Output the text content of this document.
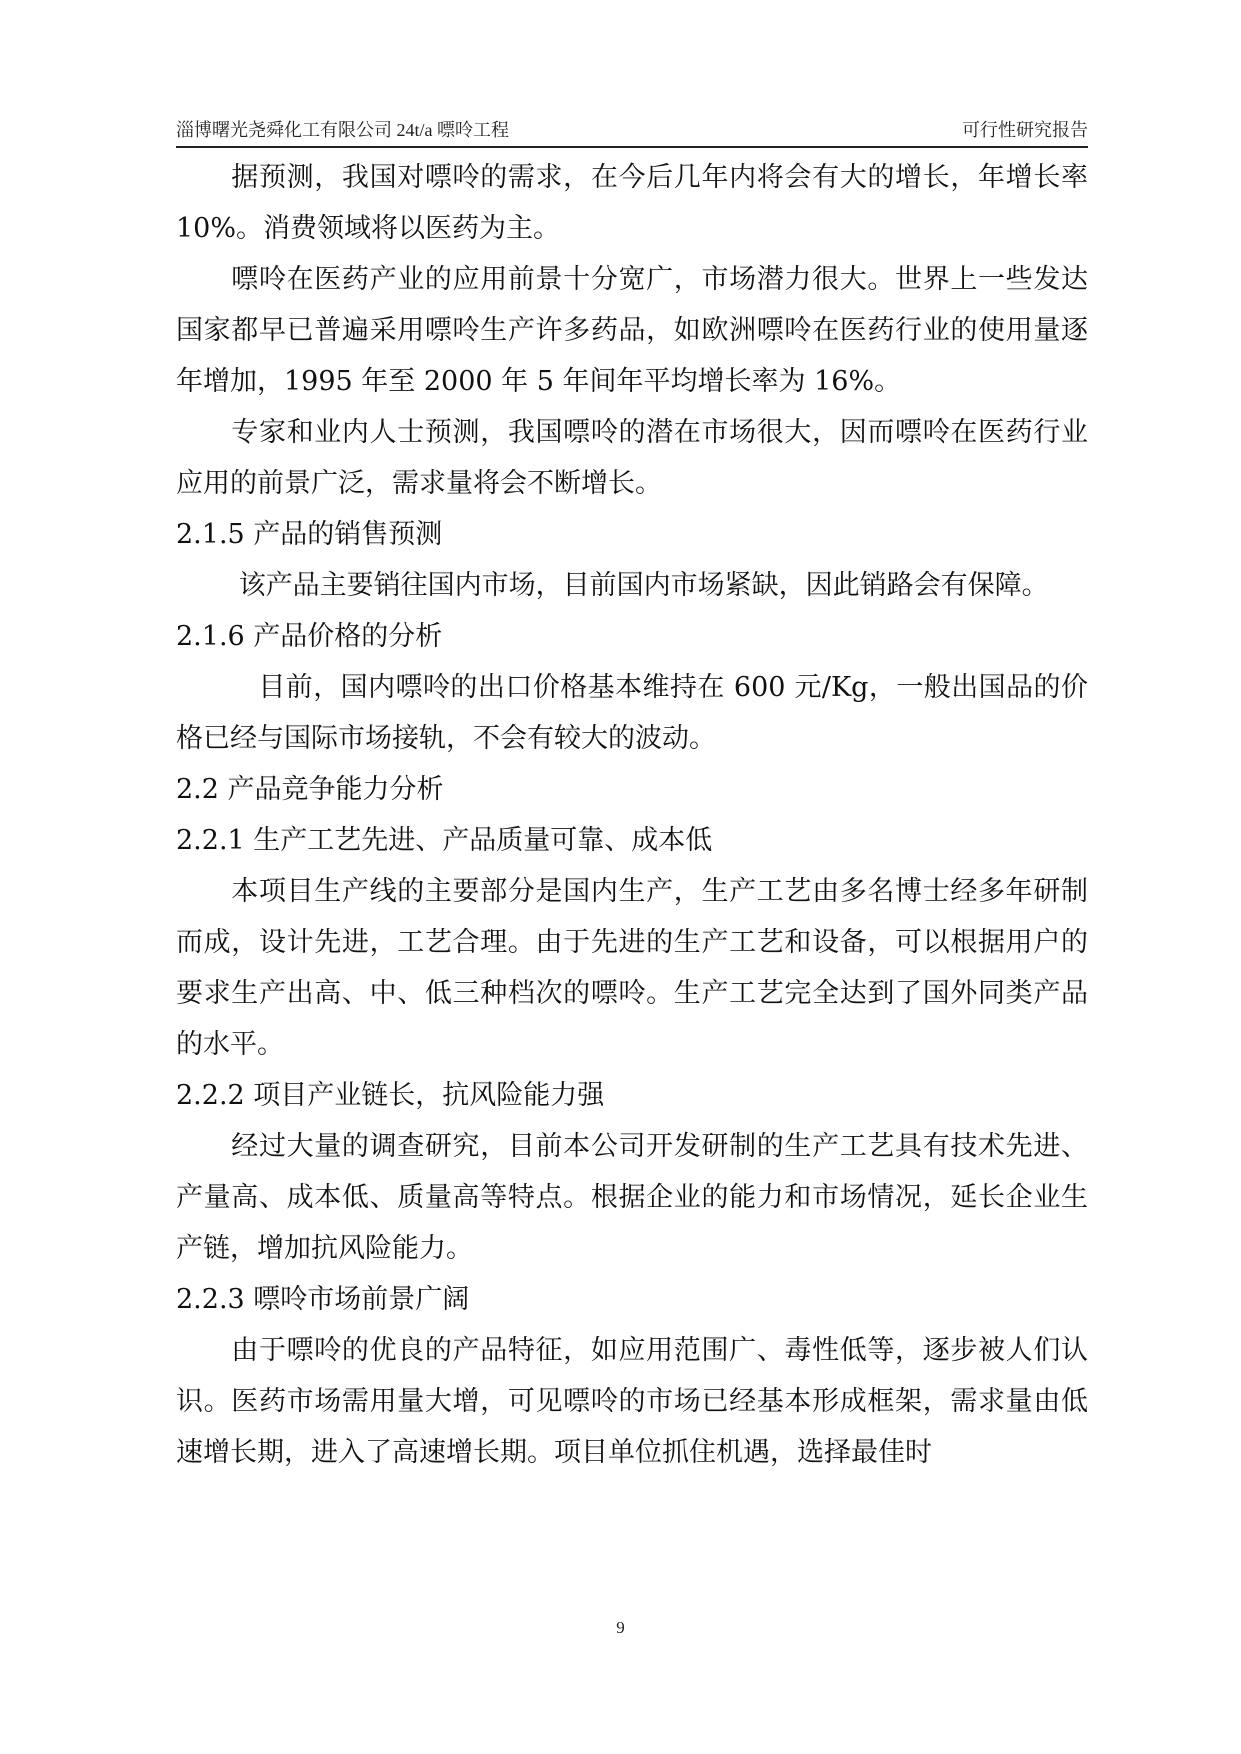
淄博曙光尧舜化工有限公司 24t/a 嘌呤工程	可行性研究报告

　　据预测，我国对嘌呤的需求，在今后几年内将会有大的增长，年增长率 10%。消费领域将以医药为主。

　　嘌呤在医药产业的应用前景十分宽广，市场潜力很大。世界上一些发达国家都早已普遍采用嘌呤生产许多药品，如欧洲嘌呤在医药行业的使用量逐年增加，1995 年至 2000 年 5 年间年平均增长率为 16%。

　　专家和业内人士预测，我国嘌呤的潜在市场很大，因而嘌呤在医药行业应用的前景广泛，需求量将会不断增长。

2.1.5 产品的销售预测

　　 该产品主要销往国内市场，目前国内市场紧缺，因此销路会有保障。

2.1.6 产品价格的分析

　　　目前，国内嘌呤的出口价格基本维持在 600 元/Kg，一般出国品的价格已经与国际市场接轨，不会有较大的波动。

2.2 产品竞争能力分析

2.2.1 生产工艺先进、产品质量可靠、成本低

　　本项目生产线的主要部分是国内生产，生产工艺由多名博士经多年研制而成，设计先进，工艺合理。由于先进的生产工艺和设备，可以根据用户的要求生产出高、中、低三种档次的嘌呤。生产工艺完全达到了国外同类产品的水平。

2.2.2 项目产业链长，抗风险能力强

　　经过大量的调查研究，目前本公司开发研制的生产工艺具有技术先进、产量高、成本低、质量高等特点。根据企业的能力和市场情况，延长企业生产链，增加抗风险能力。

2.2.3 嘌呤市场前景广阔

　　由于嘌呤的优良的产品特征，如应用范围广、毒性低等，逐步被人们认识。医药市场需用量大增，可见嘌呤的市场已经基本形成框架，需求量由低速增长期，进入了高速增长期。项目单位抓住机遇，选择最佳时

9
